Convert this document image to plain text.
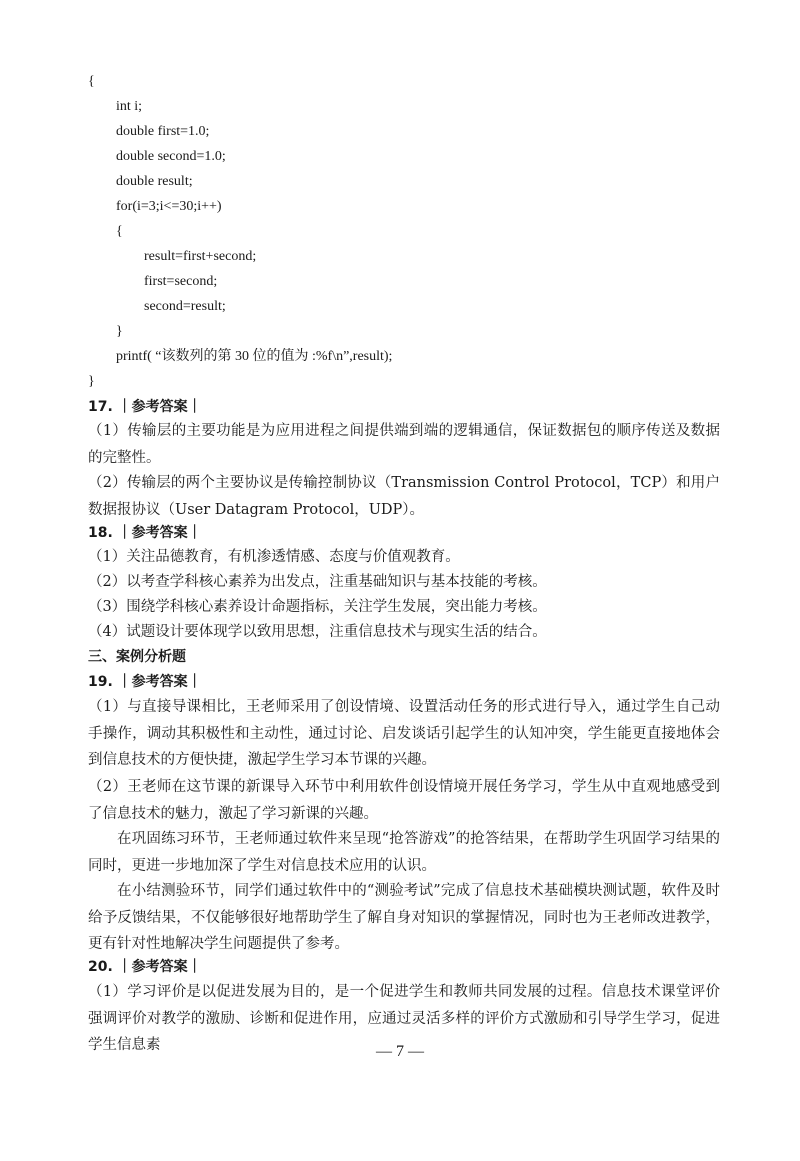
{
int i;
double first=1.0;
double second=1.0;
double result;
for(i=3;i<=30;i++)
{
result=first+second;
first=second;
second=result;
}
printf( “该数列的第 30 位的值为 :%f\n”,result);
}
17. ｜参考答案｜
（1）传输层的主要功能是为应用进程之间提供端到端的逻辑通信，保证数据包的顺序传送及数据的完整性。
（2）传输层的两个主要协议是传输控制协议（Transmission Control Protocol，TCP）和用户数据报协议（User Datagram Protocol，UDP）。
18. ｜参考答案｜
（1）关注品德教育，有机渗透情感、态度与价值观教育。
（2）以考查学科核心素养为出发点，注重基础知识与基本技能的考核。
（3）围绕学科核心素养设计命题指标，关注学生发展，突出能力考核。
（4）试题设计要体现学以致用思想，注重信息技术与现实生活的结合。
三、案例分析题
19. ｜参考答案｜
（1）与直接导课相比，王老师采用了创设情境、设置活动任务的形式进行导入，通过学生自己动手操作，调动其积极性和主动性，通过讨论、启发谈话引起学生的认知冲突，学生能更直接地体会到信息技术的方便快捷，激起学生学习本节课的兴趣。
（2）王老师在这节课的新课导入环节中利用软件创设情境开展任务学习，学生从中直观地感受到了信息技术的魅力，激起了学习新课的兴趣。
在巩固练习环节，王老师通过软件来呈现“抢答游戏”的抢答结果，在帮助学生巩固学习结果的同时，更进一步地加深了学生对信息技术应用的认识。
在小结测验环节，同学们通过软件中的“测验考试”完成了信息技术基础模块测试题，软件及时给予反馈结果，不仅能够很好地帮助学生了解自身对知识的掌握情况，同时也为王老师改进教学，更有针对性地解决学生问题提供了参考。
20. ｜参考答案｜
（1）学习评价是以促进发展为目的，是一个促进学生和教师共同发展的过程。信息技术课堂评价强调评价对教学的激励、诊断和促进作用，应通过灵活多样的评价方式激励和引导学生学习，促进学生信息素	— 7 —
